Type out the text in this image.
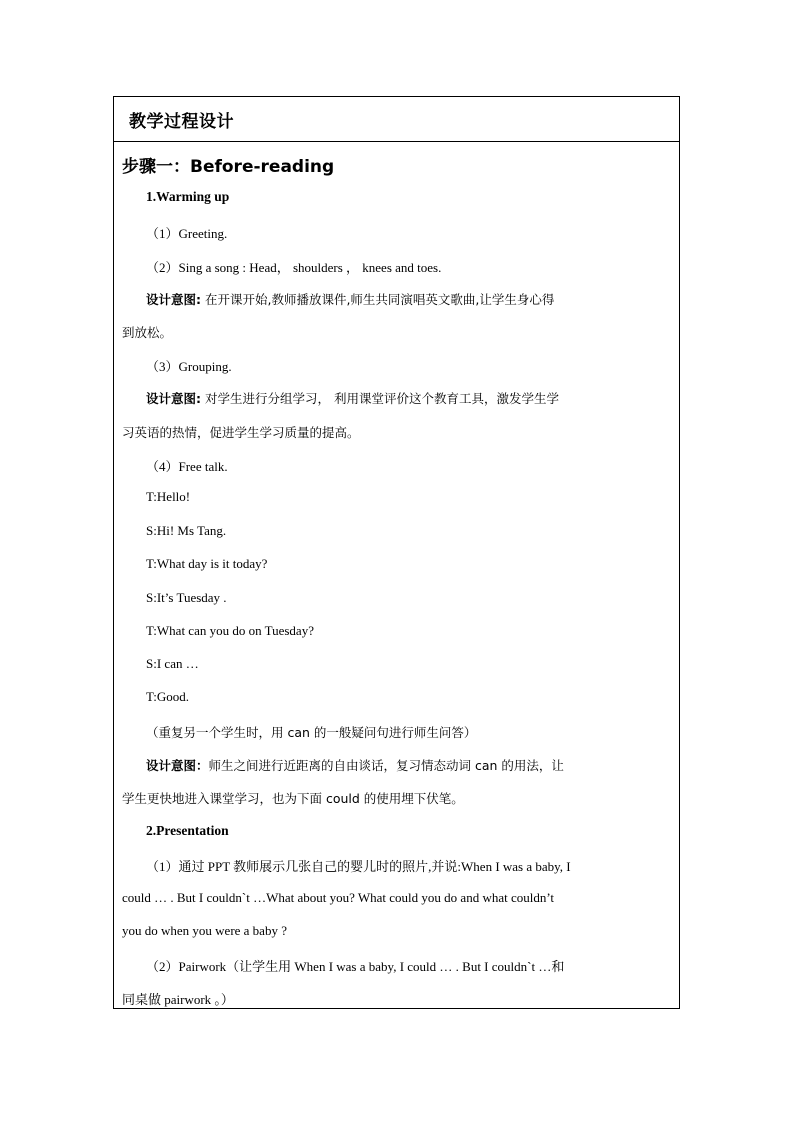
教学过程设计
步骤一：Before-reading
1.Warming up
（1）Greeting.
（2）Sing a song : Head， shoulders ， knees and toes.
设计意图: 在开课开始,教师播放课件,师生共同演唱英文歌曲,让学生身心得
到放松。
（3）Grouping.
设计意图: 对学生进行分组学习， 利用课堂评价这个教育工具，激发学生学
习英语的热情，促进学生学习质量的提高。
（4）Free talk.
T:Hello!
S:Hi! Ms Tang.
T:What day is it today?
S:It’s Tuesday .
T:What can you do on Tuesday?
S:I can …
T:Good.
（重复另一个学生时，用 can 的一般疑问句进行师生问答）
设计意图：师生之间进行近距离的自由谈话，复习情态动词 can 的用法，让
学生更快地进入课堂学习，也为下面 could 的使用埋下伏笔。
2.Presentation
（1）通过 PPT 教师展示几张自己的婴儿时的照片,并说:When I was a baby, I
could … . But I couldn`t …What about you? What could you do and what couldn’t
you do when you were a baby ?
（2）Pairwork（让学生用 When I was a baby, I could … . But I couldn`t …和
同桌做 pairwork 。）
